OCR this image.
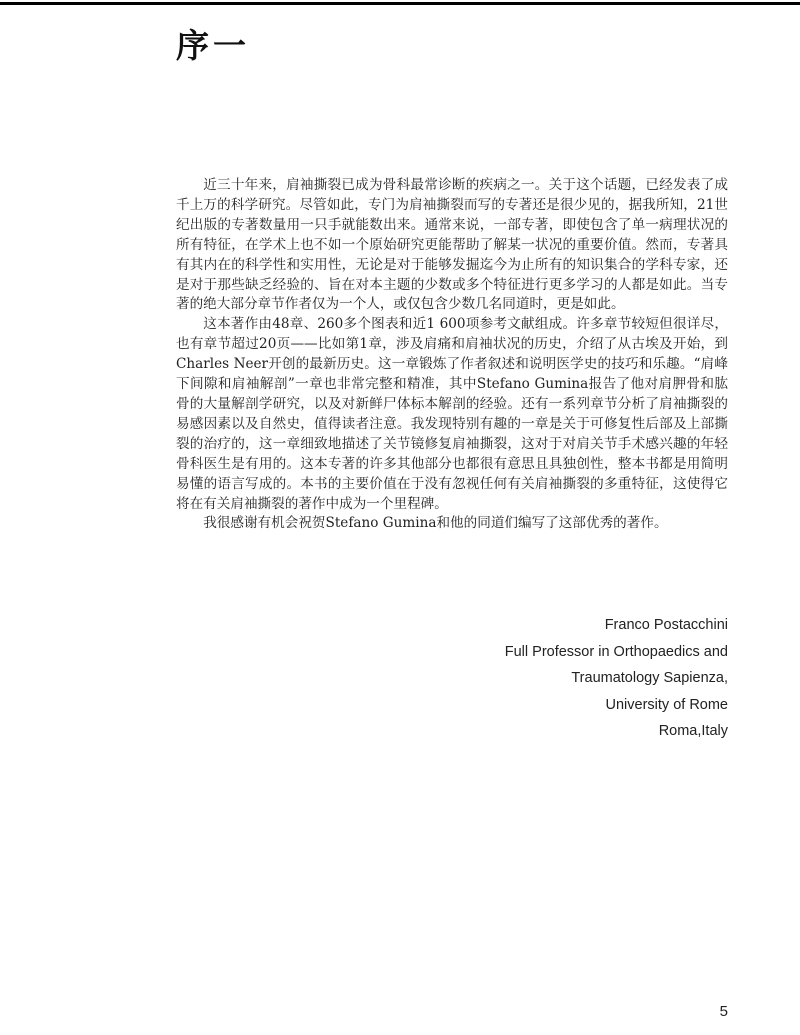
序一

近三十年来，肩袖撕裂已成为骨科最常诊断的疾病之一。关于这个话题，已经发表了成千上万的科学研究。尽管如此，专门为肩袖撕裂而写的专著还是很少见的，据我所知，21世纪出版的专著数量用一只手就能数出来。通常来说，一部专著，即使包含了单一病理状况的所有特征，在学术上也不如一个原始研究更能帮助了解某一状况的重要价值。然而，专著具有其内在的科学性和实用性，无论是对于能够发掘迄今为止所有的知识集合的学科专家，还是对于那些缺乏经验的、旨在对本主题的少数或多个特征进行更多学习的人都是如此。当专著的绝大部分章节作者仅为一个人，或仅包含少数几名同道时，更是如此。

这本著作由48章、260多个图表和近1 600项参考文献组成。许多章节较短但很详尽，也有章节超过20页——比如第1章，涉及肩痛和肩袖状况的历史，介绍了从古埃及开始，到Charles Neer开创的最新历史。这一章锻炼了作者叙述和说明医学史的技巧和乐趣。“肩峰下间隙和肩袖解剖”一章也非常完整和精准，其中Stefano Gumina报告了他对肩胛骨和肱骨的大量解剖学研究，以及对新鲜尸体标本解剖的经验。还有一系列章节分析了肩袖撕裂的易感因素以及自然史，值得读者注意。我发现特别有趣的一章是关于可修复性后部及上部撕裂的治疗的，这一章细致地描述了关节镜修复肩袖撕裂，这对于对肩关节手术感兴趣的年轻骨科医生是有用的。这本专著的许多其他部分也都很有意思且具独创性，整本书都是用简明易懂的语言写成的。本书的主要价值在于没有忽视任何有关肩袖撕裂的多重特征，这使得它将在有关肩袖撕裂的著作中成为一个里程碑。

我很感谢有机会祝贺Stefano Gumina和他的同道们编写了这部优秀的著作。

Franco Postacchini
Full Professor in Orthopaedics and
Traumatology Sapienza,
University of Rome
Roma,Italy
5
